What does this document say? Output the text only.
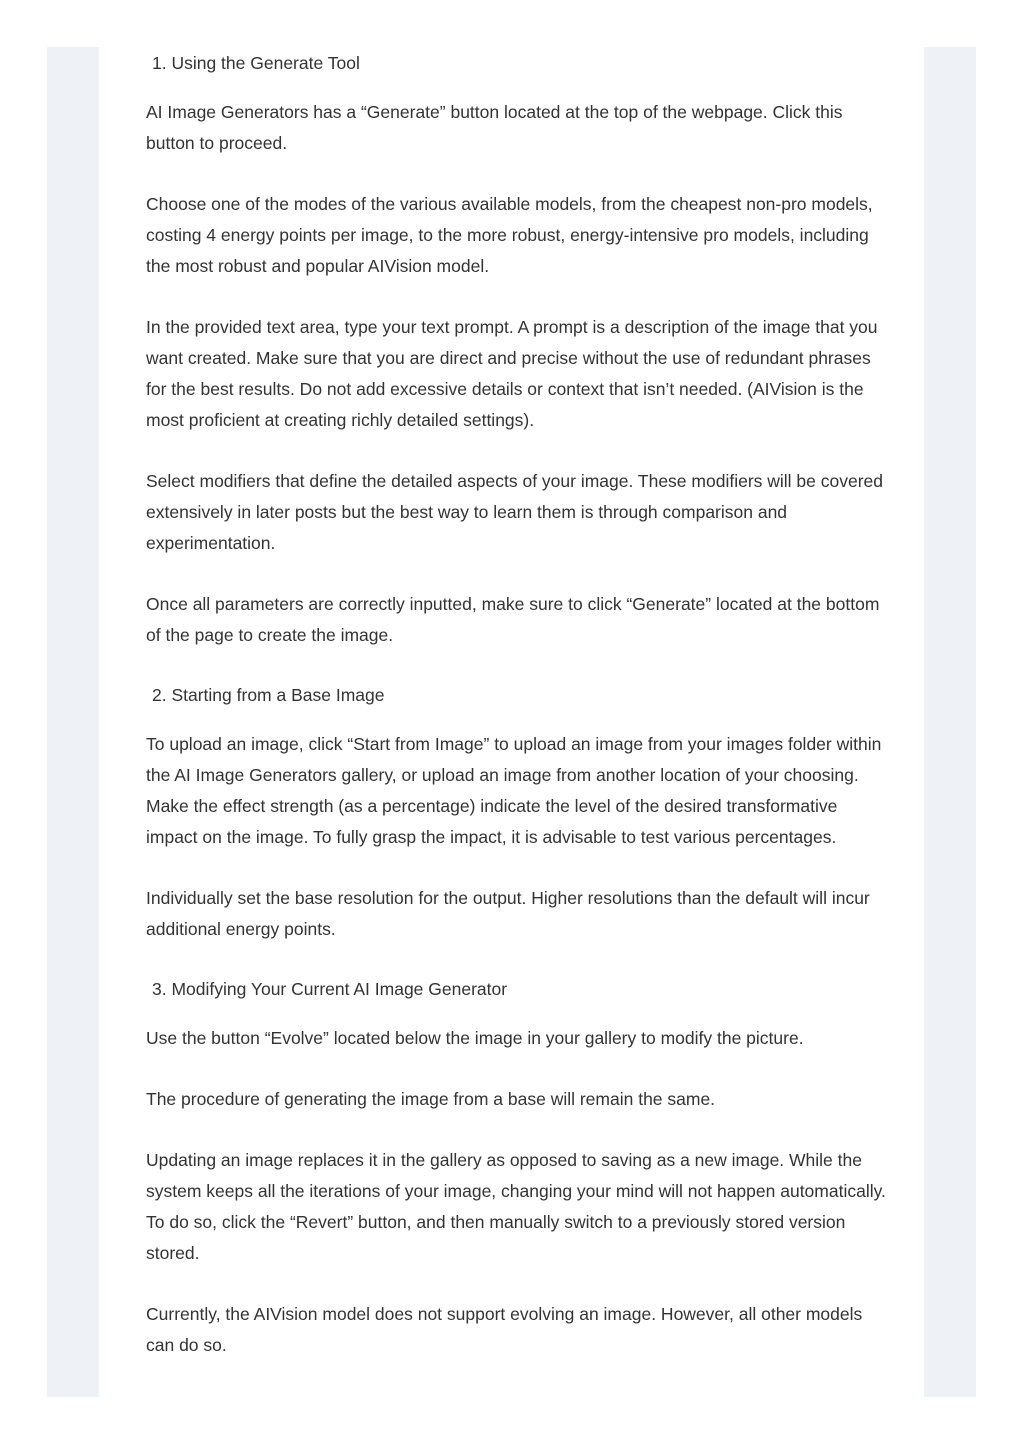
1. Using the Generate Tool

AI Image Generators has a “Generate” button located at the top of the webpage. Click this button to proceed.

Choose one of the modes of the various available models, from the cheapest non-pro models, costing 4 energy points per image, to the more robust, energy-intensive pro models, including the most robust and popular AIVision model.

In the provided text area, type your text prompt. A prompt is a description of the image that you want created. Make sure that you are direct and precise without the use of redundant phrases for the best results. Do not add excessive details or context that isn’t needed. (AIVision is the most proficient at creating richly detailed settings).

Select modifiers that define the detailed aspects of your image. These modifiers will be covered extensively in later posts but the best way to learn them is through comparison and experimentation.

Once all parameters are correctly inputted, make sure to click “Generate” located at the bottom of the page to create the image.

2. Starting from a Base Image

To upload an image, click “Start from Image” to upload an image from your images folder within the AI Image Generators gallery, or upload an image from another location of your choosing. Make the effect strength (as a percentage) indicate the level of the desired transformative impact on the image. To fully grasp the impact, it is advisable to test various percentages.

Individually set the base resolution for the output. Higher resolutions than the default will incur additional energy points.

3. Modifying Your Current AI Image Generator

Use the button “Evolve” located below the image in your gallery to modify the picture.

The procedure of generating the image from a base will remain the same.

Updating an image replaces it in the gallery as opposed to saving as a new image. While the system keeps all the iterations of your image, changing your mind will not happen automatically. To do so, click the “Revert” button, and then manually switch to a previously stored version stored.

Currently, the AIVision model does not support evolving an image. However, all other models can do so.
